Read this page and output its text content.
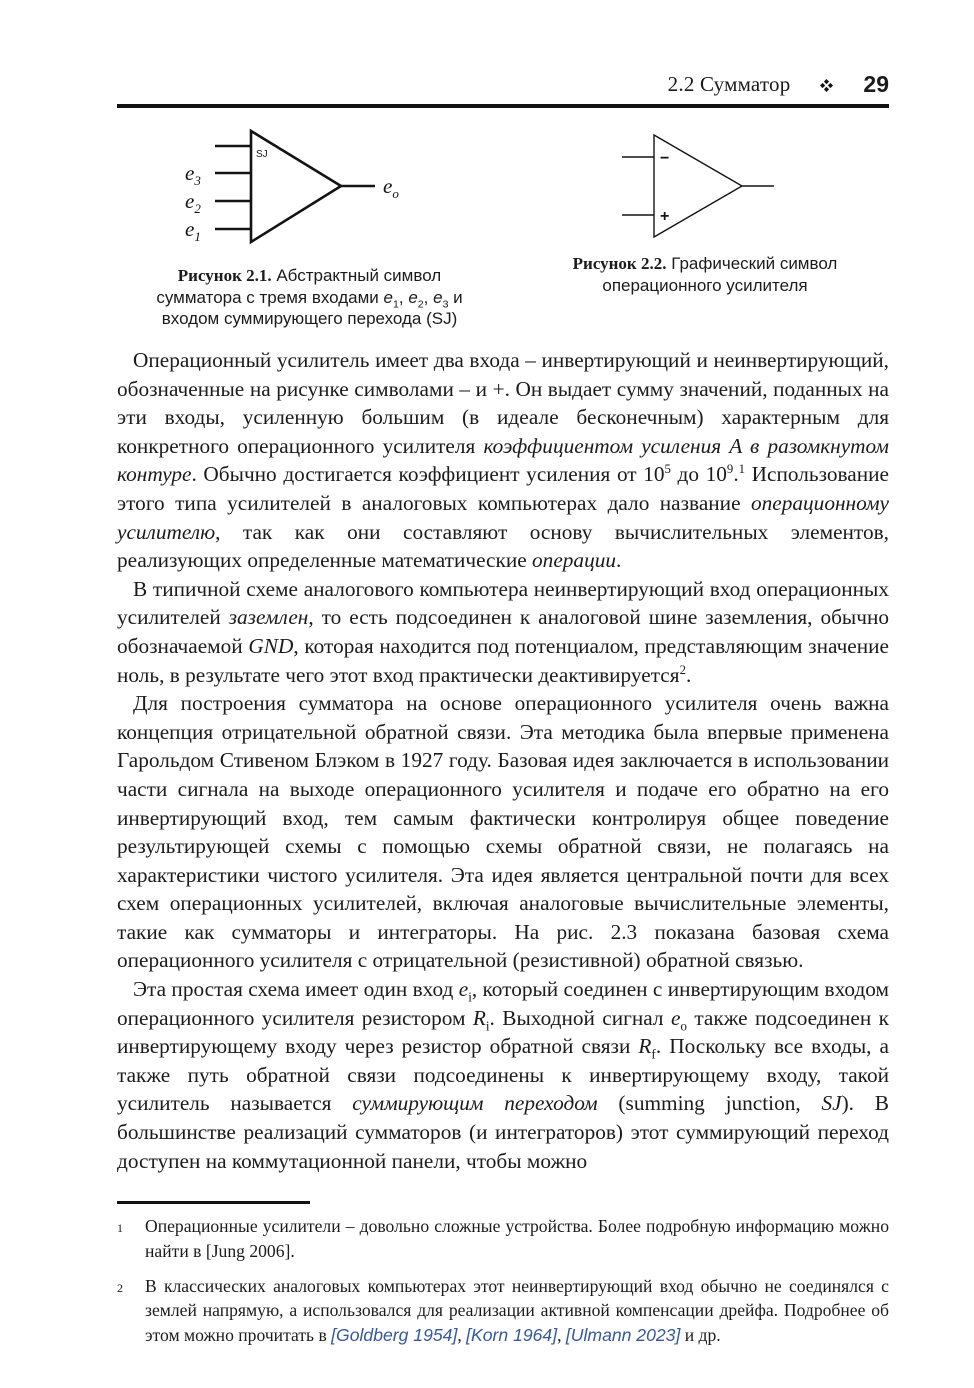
2.2 Сумматор	29
SJ
$e_3$
$e_2$
$e_1$
$e_o$
Рисунок 2.1. Абстрактный символ сумматора с тремя входами $e_1$, $e_2$, $e_3$ и входом суммирующего перехода (SJ)
−
+
Рисунок 2.2. Графический символ операционного усилителя

Операционный усилитель имеет два входа – инвертирующий и неинвертирующий, обозначенные на рисунке символами – и +. Он выдает сумму значений, поданных на эти входы, усиленную большим (в идеале бесконечным) характерным для конкретного операционного усилителя коэффициентом усиления A в разомкнутом контуре. Обычно достигается коэффициент усиления от $10^5$ до $10^9.^1$ Использование этого типа усилителей в аналоговых компьютерах дало название операционному усилителю, так как они составляют основу вычислительных элементов, реализующих определенные математические операции.

В типичной схеме аналогового компьютера неинвертирующий вход операционных усилителей заземлен, то есть подсоединен к аналоговой шине заземления, обычно обозначаемой GND, которая находится под потенциалом, представляющим значение ноль, в результате чего этот вход практически деактивируется$^2$.

Для построения сумматора на основе операционного усилителя очень важна концепция отрицательной обратной связи. Эта методика была впервые применена Гарольдом Стивеном Блэком в 1927 году. Базовая идея заключается в использовании части сигнала на выходе операционного усилителя и подаче его обратно на его инвертирующий вход, тем самым фактически контролируя общее поведение результирующей схемы с помощью схемы обратной связи, не полагаясь на характеристики чистого усилителя. Эта идея является центральной почти для всех схем операционных усилителей, включая аналоговые вычислительные элементы, такие как сумматоры и интеграторы. На рис. 2.3 показана базовая схема операционного усилителя с отрицательной (резистивной) обратной связью.

Эта простая схема имеет один вход $e_i$, который соединен с инвертирующим входом операционного усилителя резистором $R_i$. Выходной сигнал $e_o$ также подсоединен к инвертирующему входу через резистор обратной связи $R_f$. Поскольку все входы, а также путь обратной связи подсоединены к инвертирующему входу, такой усилитель называется суммирующим переходом (summing junction, SJ). В большинстве реализаций сумматоров (и интеграторов) этот суммирующий переход доступен на коммутационной панели, чтобы можно

1	Операционные усилители – довольно сложные устройства. Более подробную информацию можно найти в [Jung 2006].
2	В классических аналоговых компьютерах этот неинвертирующий вход обычно не соединялся с землей напрямую, а использовался для реализации активной компенсации дрейфа. Подробнее об этом можно прочитать в [Goldberg 1954], [Korn 1964], [Ulmann 2023] и др.
